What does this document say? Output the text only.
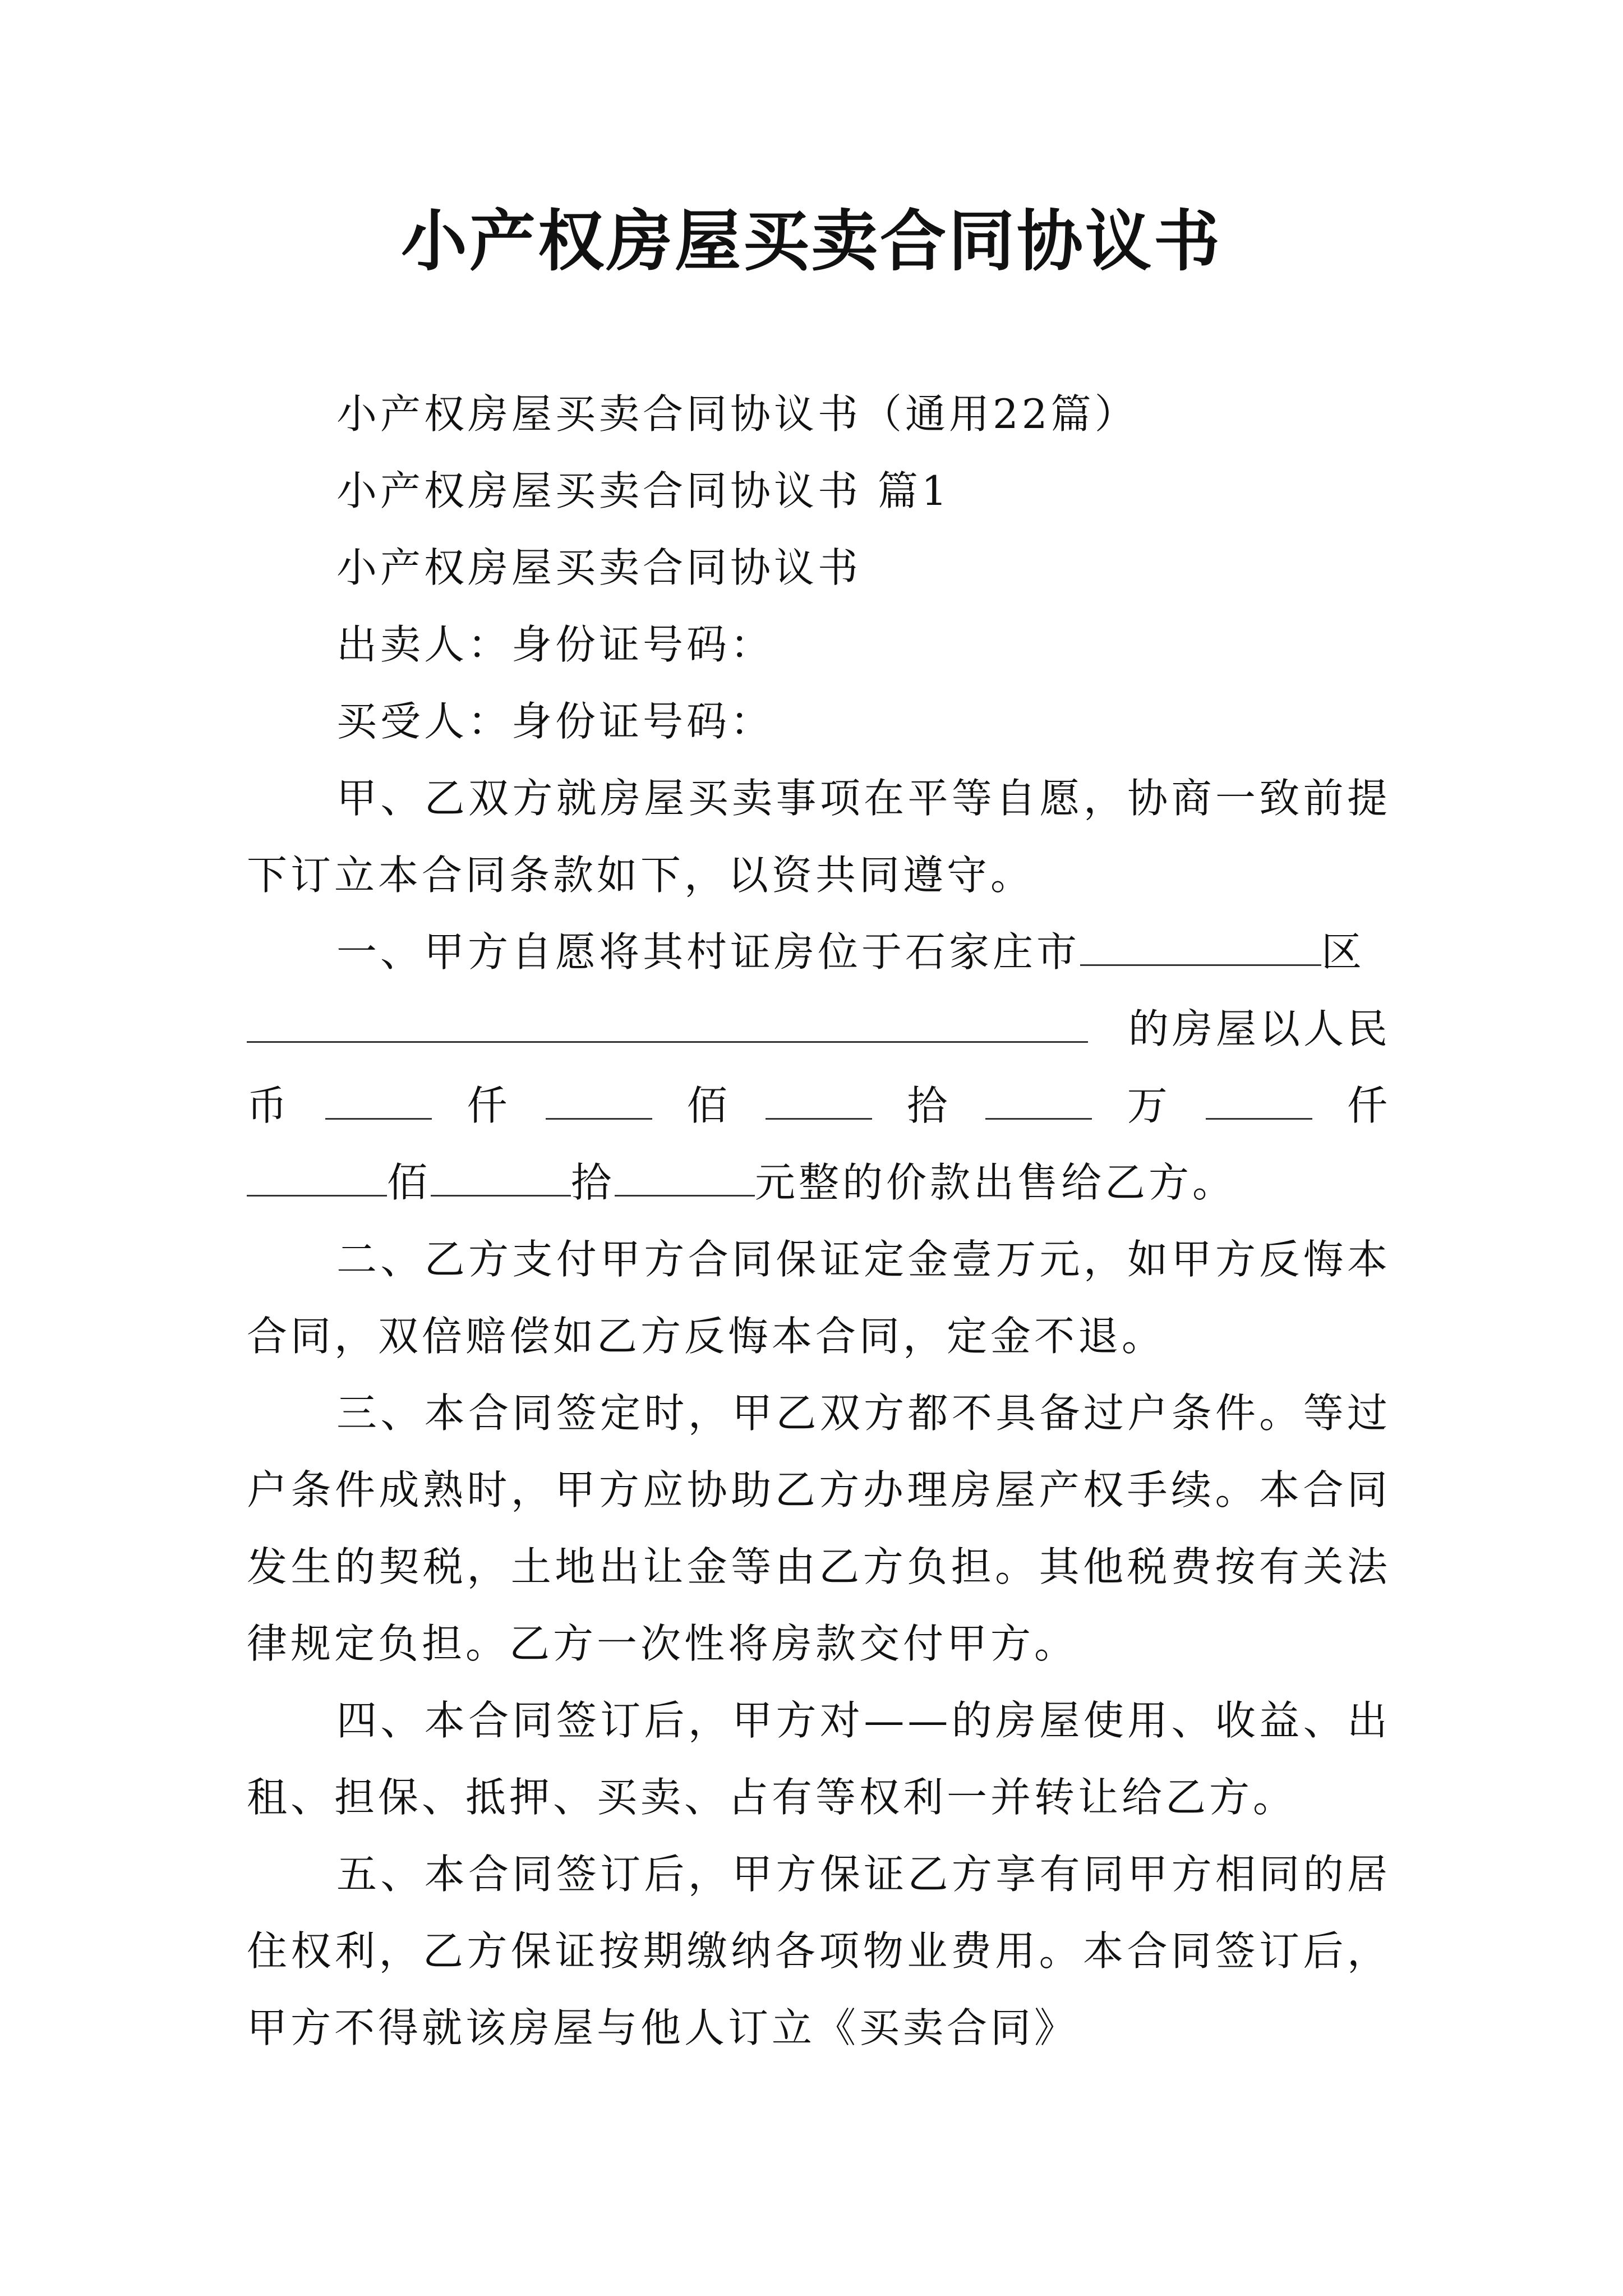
小产权房屋买卖合同协议书

小产权房屋买卖合同协议书（通用22篇）

小产权房屋买卖合同协议书 篇1

小产权房屋买卖合同协议书

出卖人：身份证号码：

买受人：身份证号码：

甲、乙双方就房屋买卖事项在平等自愿，协商一致前提下订立本合同条款如下，以资共同遵守。

一、甲方自愿将其村证房位于石家庄市	区

的房屋以人民
币	仟	佰	拾	万	仟
佰	拾	元整的价款出售给乙方。

二、乙方支付甲方合同保证定金壹万元，如甲方反悔本合同，双倍赔偿如乙方反悔本合同，定金不退。

三、本合同签定时，甲乙双方都不具备过户条件。等过户条件成熟时，甲方应协助乙方办理房屋产权手续。本合同发生的契税，土地出让金等由乙方负担。其他税费按有关法律规定负担。乙方一次性将房款交付甲方。

四、本合同签订后，甲方对——的房屋使用、收益、出租、担保、抵押、买卖、占有等权利一并转让给乙方。

五、本合同签订后，甲方保证乙方享有同甲方相同的居住权利，乙方保证按期缴纳各项物业费用。本合同签订后，甲方不得就该房屋与他人订立《买卖合同》
